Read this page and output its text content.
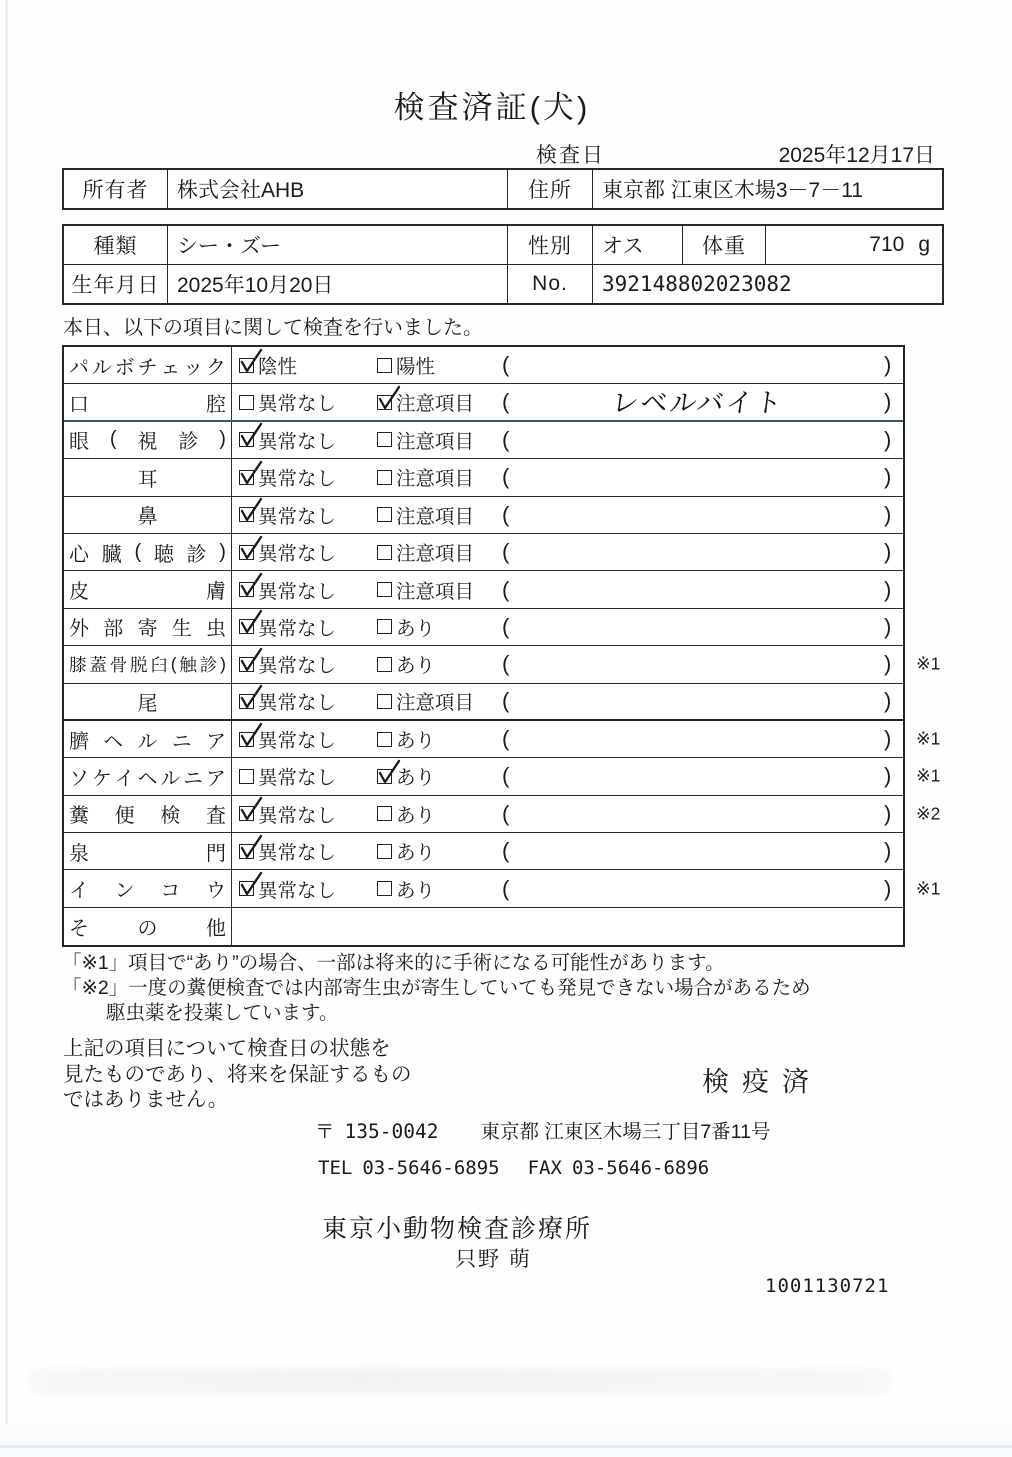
検査済証(犬)
検査日	2025年12月17日
所有者	株式会社AHB	住所	東京都 江東区木場3－7－11
種類	シー・ズー	性別	オス	体重	710 g
生年月日 2025年10月20日	No.	392148802023082
本日、以下の項目に関して検査を行いました。
パ ル ボ チ ェ ッ ク 陰性	陽性	(	)
口	腔 異常なし	注意項目 (	レベルバイト	)
眼 ( 視 診 ) 異常なし	注意項目 (	)
耳	異常なし	注意項目 (	)
鼻	異常なし	注意項目 (	)
心 臓 ( 聴 診 ) 異常なし	注意項目 (	)
皮	膚 異常なし	注意項目 (	)
外 部 寄 生 虫 異常なし	あり	(	)
膝 蓋 骨 脱 臼 ( 触 診 ) 異常なし	あり	(	) ※1
尾	異常なし	注意項目 (	)
臍 ヘ ル ニ ア 異常なし	あり	(	) ※1
ソ ケ イ ヘ ル ニ ア 異常なし	あり	(	) ※1
糞 便 検 査 異常なし	あり	(	) ※2
泉	門 異常なし	あり	(	)
イ ン コ ウ 異常なし	あり	(	) ※1
そ の 他
「※1」項目で“あり”の場合、一部は将来的に手術になる可能性があります。
「※2」一度の糞便検査では内部寄生虫が寄生していても発見できない場合があるため
駆虫薬を投薬しています。
上記の項目について検査日の状態を
見たものであり、将来を保証するもの
ではありません。
検疫済
〒 135-0042 東京都 江東区木場三丁目7番11号
TEL 03-5646-6895 FAX 03-5646-6896
東京小動物検査診療所
只野 萌
1001130721
